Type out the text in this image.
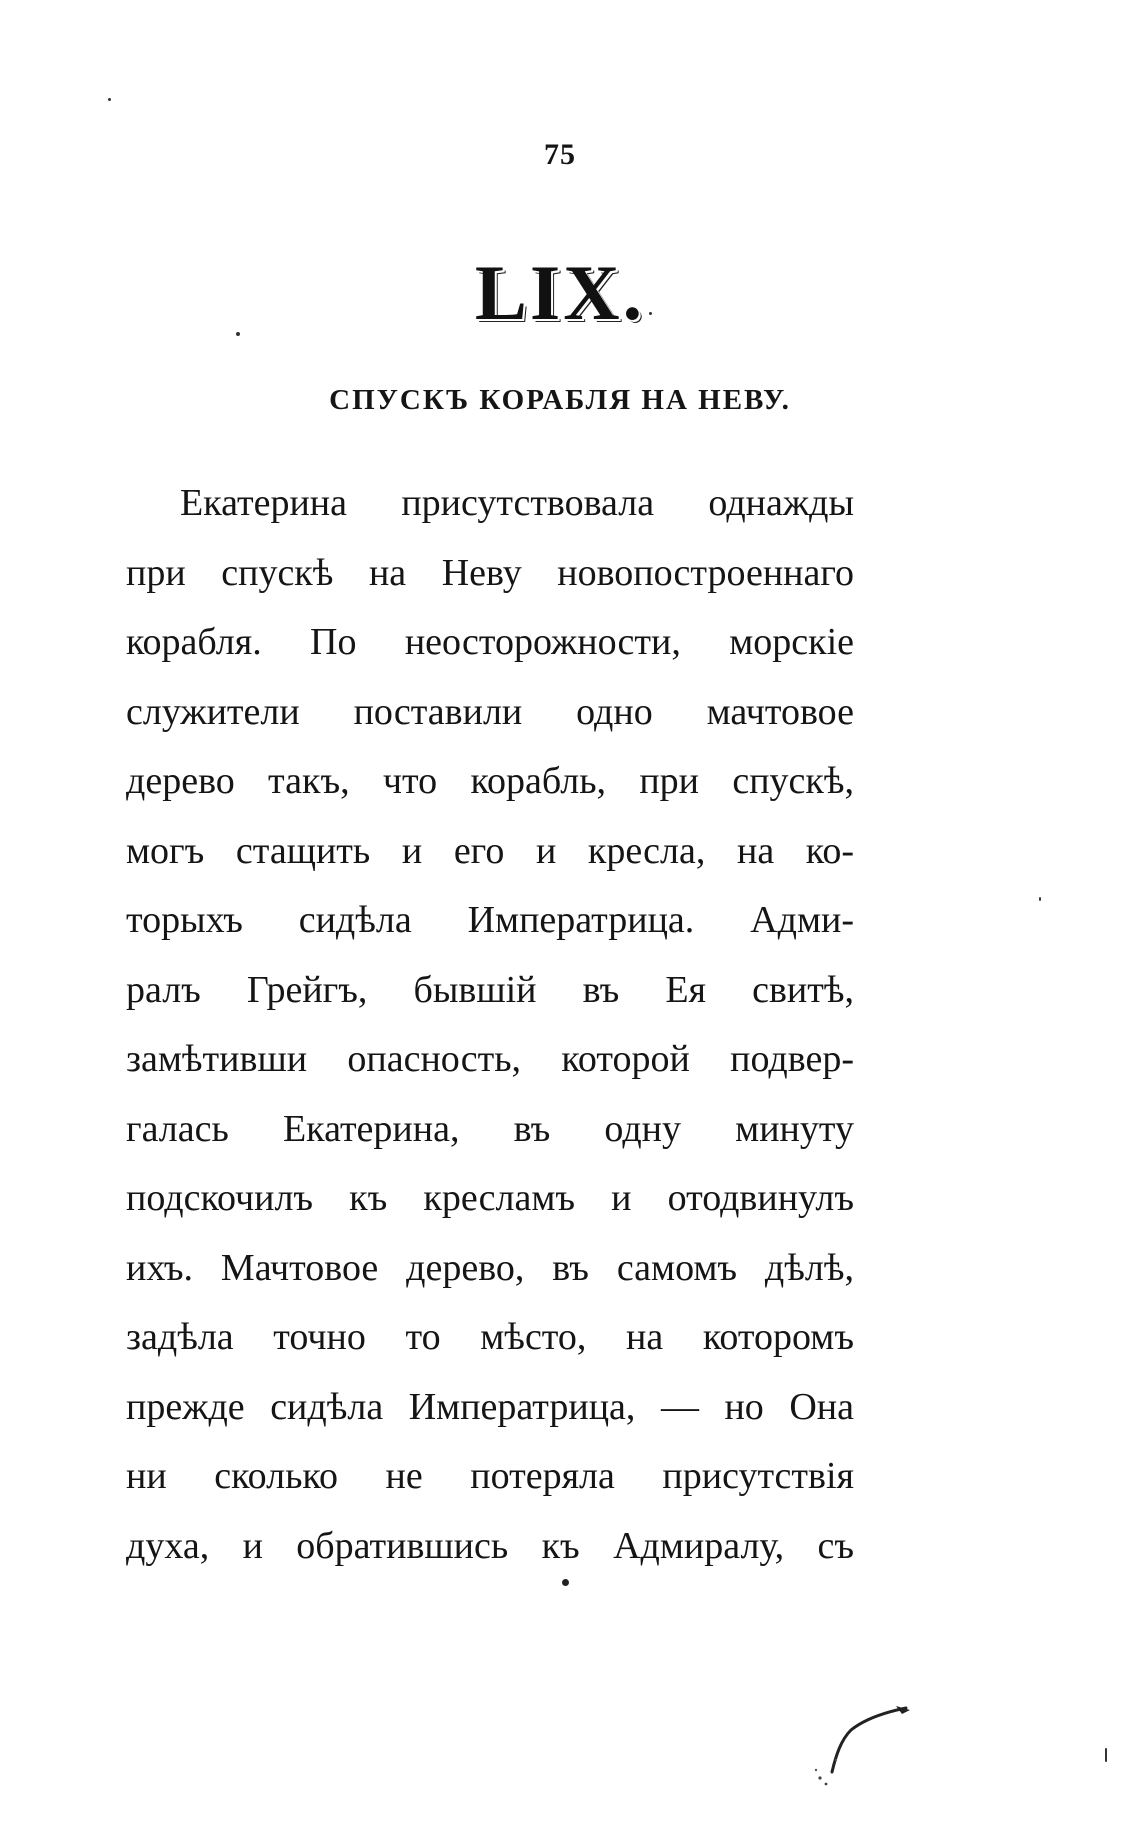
75
LIX.
СПУСКЪ КОРАБЛЯ НА НЕВУ.
Екатерина присутствовала однажды
при спускѣ на Неву новопостроеннаго
корабля. По неосторожности, морскіе
служители поставили одно мачтовое
дерево такъ, что корабль, при спускѣ,
могъ стащить и его и кресла, на ко-
торыхъ сидѣла Императрица. Адми-
ралъ Грейгъ, бывшій въ Ея свитѣ,
замѣтивши опасность, которой подвер-
галась Екатерина, въ одну минуту
подскочилъ къ кресламъ и отодвинулъ
ихъ. Мачтовое дерево, въ самомъ дѣлѣ,
задѣла точно то мѣсто, на которомъ
прежде сидѣла Императрица, — но Она
ни сколько не потеряла присутствія
духа, и обратившись къ Адмиралу, съ
